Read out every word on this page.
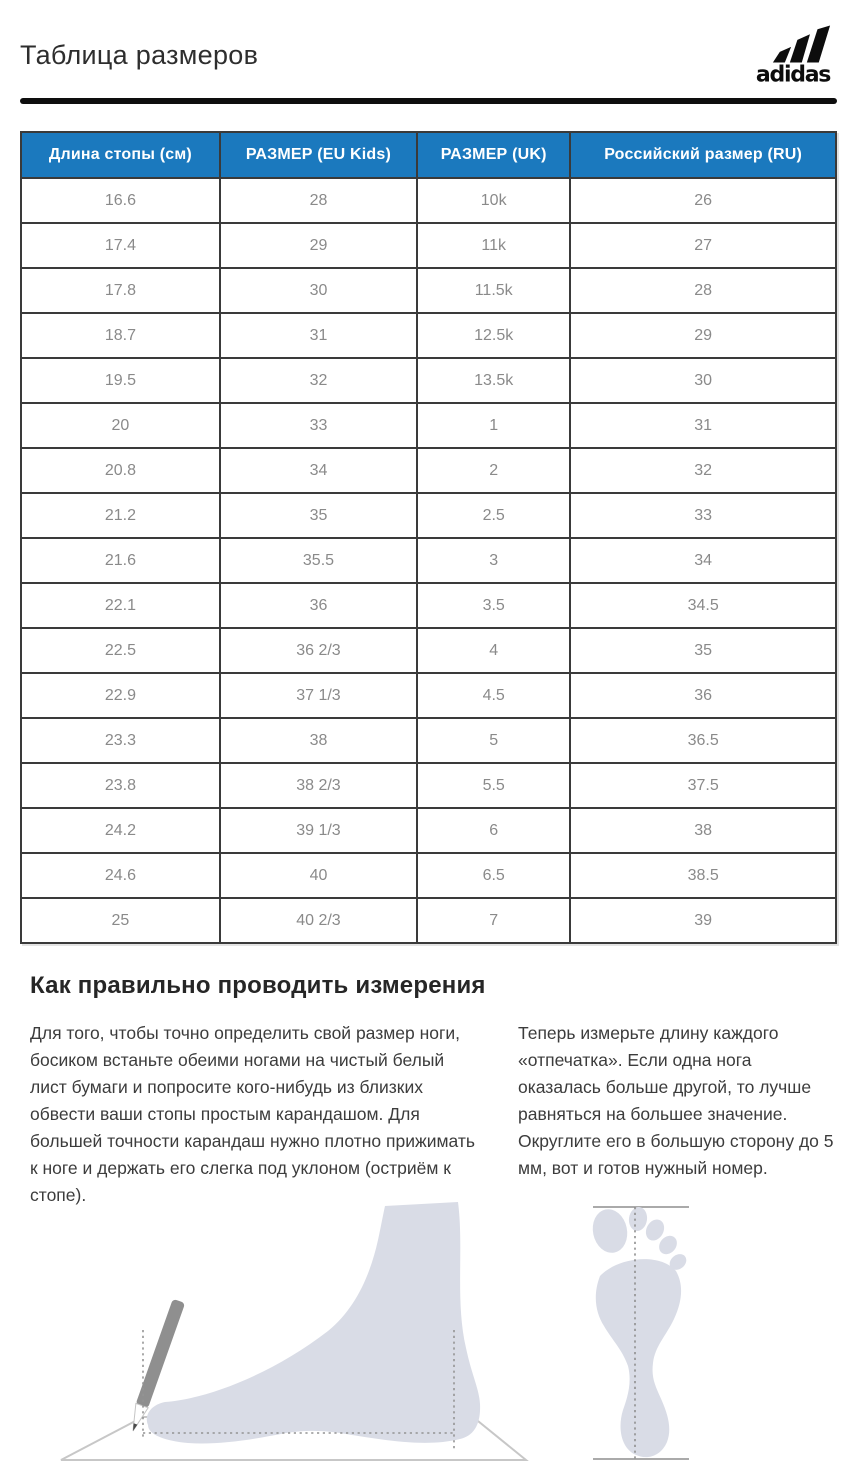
Таблица размеров
adidas
Длина стопы (см)	РАЗМЕР (EU Kids)	РАЗМЕР (UK)	Российский размер (RU)
16.6	28	10k	26
17.4	29	11k	27
17.8	30	11.5k	28
18.7	31	12.5k	29
19.5	32	13.5k	30
20	33	1	31
20.8	34	2	32
21.2	35	2.5	33
21.6	35.5	3	34
22.1	36	3.5	34.5
22.5	36 2/3	4	35
22.9	37 1/3	4.5	36
23.3	38	5	36.5
23.8	38 2/3	5.5	37.5
24.2	39 1/3	6	38
24.6	40	6.5	38.5
25	40 2/3	7	39
Как правильно проводить измерения
Для того, чтобы точно определить свой размер ноги, босиком встаньте обеими ногами на чистый белый лист бумаги и попросите кого-нибудь из близких обвести ваши стопы простым карандашом. Для большей точности карандаш нужно плотно прижимать к ноге и держать его слегка под уклоном (остриём к стопе).
Теперь измерьте длину каждого «отпечатка». Если одна нога оказалась больше другой, то лучше равняться на большее значение. Округлите его в большую сторону до 5 мм, вот и готов нужный номер.
